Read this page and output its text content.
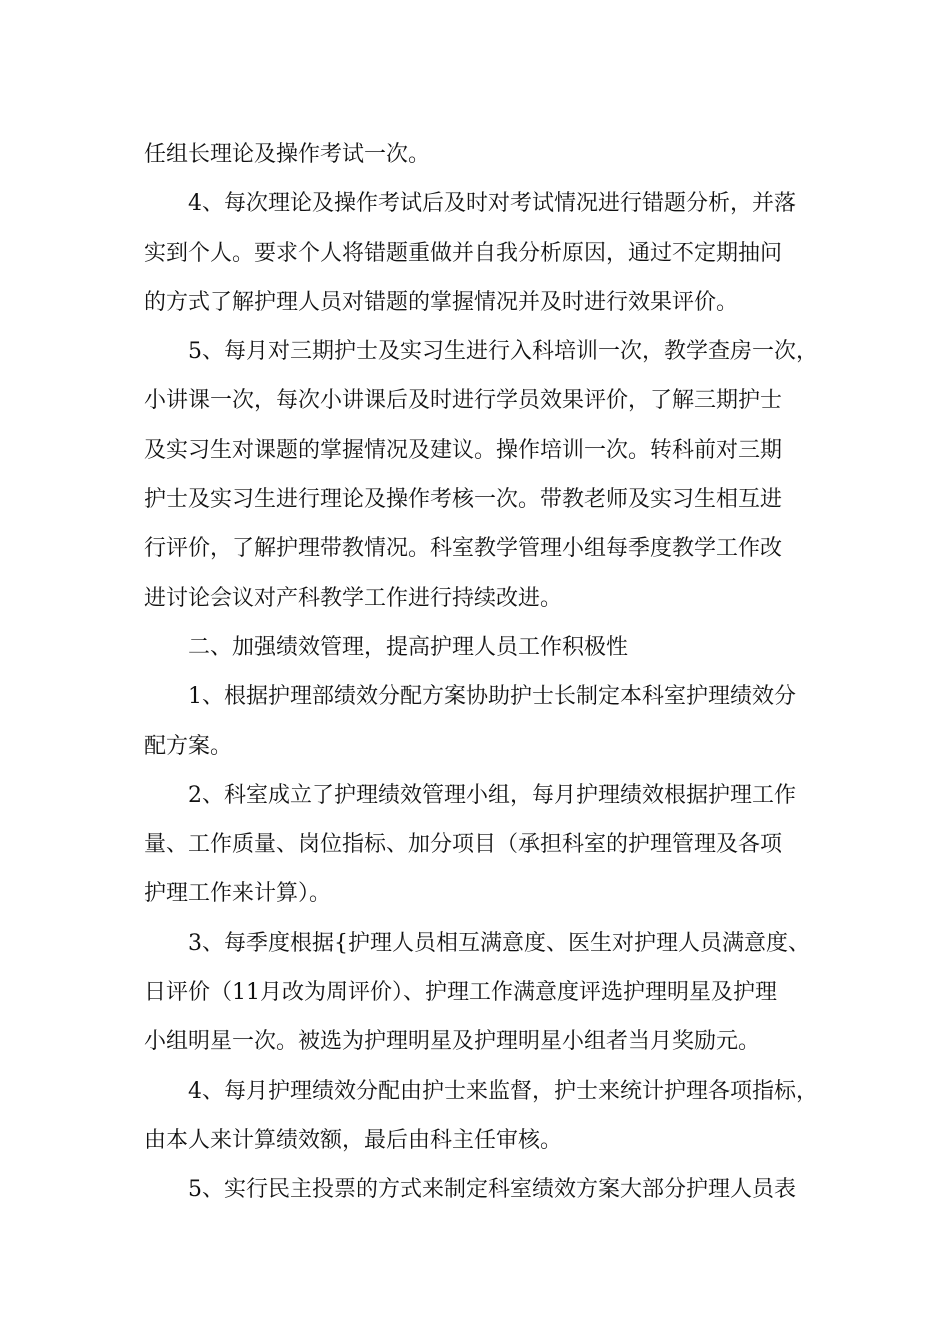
任组长理论及操作考试一次。
4、每次理论及操作考试后及时对考试情况进行错题分析，并落
实到个人。要求个人将错题重做并自我分析原因，通过不定期抽问
的方式了解护理人员对错题的掌握情况并及时进行效果评价。
5、每月对三期护士及实习生进行入科培训一次，教学查房一次，
小讲课一次，每次小讲课后及时进行学员效果评价，了解三期护士
及实习生对课题的掌握情况及建议。操作培训一次。转科前对三期
护士及实习生进行理论及操作考核一次。带教老师及实习生相互进
行评价，了解护理带教情况。科室教学管理小组每季度教学工作改
进讨论会议对产科教学工作进行持续改进。
二、加强绩效管理，提高护理人员工作积极性
1、根据护理部绩效分配方案协助护士长制定本科室护理绩效分
配方案。
2、科室成立了护理绩效管理小组，每月护理绩效根据护理工作
量、工作质量、岗位指标、加分项目（承担科室的护理管理及各项
护理工作来计算）。
3、每季度根据{护理人员相互满意度、医生对护理人员满意度、
日评价（11月改为周评价）、护理工作满意度评选护理明星及护理
小组明星一次。被选为护理明星及护理明星小组者当月奖励元。
4、每月护理绩效分配由护士来监督，护士来统计护理各项指标，
由本人来计算绩效额，最后由科主任审核。
5、实行民主投票的方式来制定科室绩效方案大部分护理人员表
